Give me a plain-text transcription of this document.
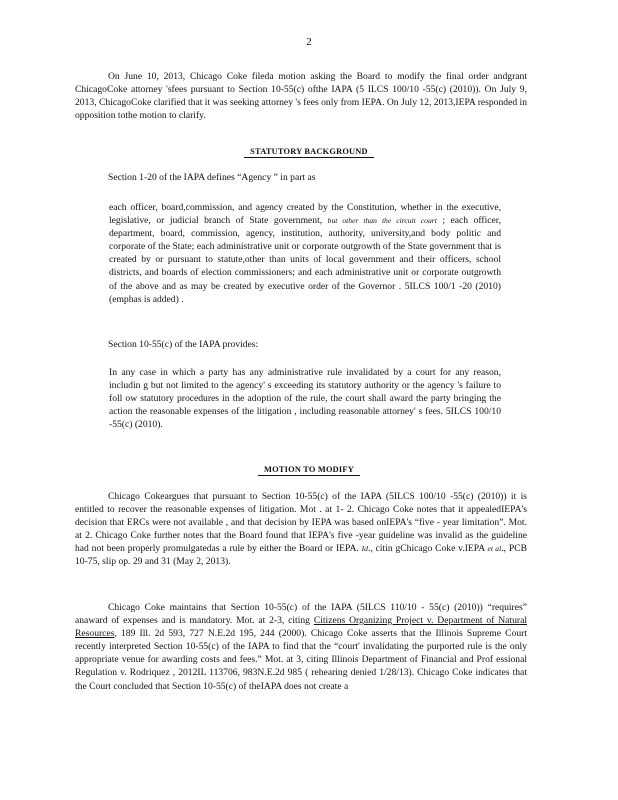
2

On June 10, 2013, Chicago Coke fileda motion asking the Board to modify the final order andgrant ChicagoCoke attorney 'sfees pursuant to Section 10-55(c) ofthe IAPA (5 ILCS 100/10 -55(c) (2010)). On July 9, 2013, ChicagoCoke clarified that it was seeking attorney 's fees only from IEPA. On July 12, 2013,IEPA responded in opposition tothe motion to clarify.

STATUTORY BACKGROUND

Section 1-20 of the IAPA defines “Agency ” in part as

each officer, board,commission, and agency created by the Constitution, whether in the executive, legislative, or judicial branch of State government, but other than the circuit court ; each officer, department, board, commission, agency, institution, authority, university,and body politic and corporate of the State; each administrative unit or corporate outgrowth of the State government that is created by or pursuant to statute,other than units of local government and their officers, school districts, and boards of election commissioners; and each administrative unit or corporate outgrowth of the above and as may be created by executive order of the Governor . 5ILCS 100/1 -20 (2010) (emphas is added) .

Section 10-55(c) of the IAPA provides:

In any case in which a party has any administrative rule invalidated by a court for any reason, includin g but not limited to the agency' s exceeding its statutory authority or the agency 's failure to foll ow statutory procedures in the adoption of the rule, the court shall award the party bringing the action the reasonable expenses of the litigation , including reasonable attorney' s fees. 5ILCS 100/10 -55(c) (2010).

MOTION TO MODIFY

Chicago Cokeargues that pursuant to Section 10-55(c) of the IAPA (5ILCS 100/10 -55(c) (2010)) it is entitled to recover the reasonable expenses of litigation. Mot . at 1- 2. Chicago Coke notes that it appealedIEPA's decision that ERCs were not available , and that decision by IEPA was based onIEPA's “five - year limitation”. Mot. at 2. Chicago Coke further notes that the Board found that IEPA's five -year guideline was invalid as the guideline had not been properly promulgatedas a rule by either the Board or IEPA. Id., citin gChicago Coke v.IEPA et al., PCB 10-75, slip op. 29 and 31 (May 2, 2013).

Chicago Coke maintains that Section 10-55(c) of the IAPA (5ILCS 110/10 - 55(c) (2010)) “requires” anaward of expenses and is mandatory. Mot. at 2-3, citing Citizens Organizing Project v. Department of Natural Resources, 189 Ill. 2d 593, 727 N.E.2d 195, 244 (2000). Chicago Coke asserts that the Illinois Supreme Court recently interpreted Section 10-55(c) of the IAPA to find that the “court' invalidating the purported rule is the only appropriate venue for awarding costs and fees.” Mot. at 3, citing Illinois Department of Financial and Prof essional Regulation v. Rodriquez , 2012IL 113706, 983N.E.2d 985 ( rehearing denied 1/28/13). Chicago Coke indicates that the Court concluded that Section 10-55(c) of theIAPA does not create a
